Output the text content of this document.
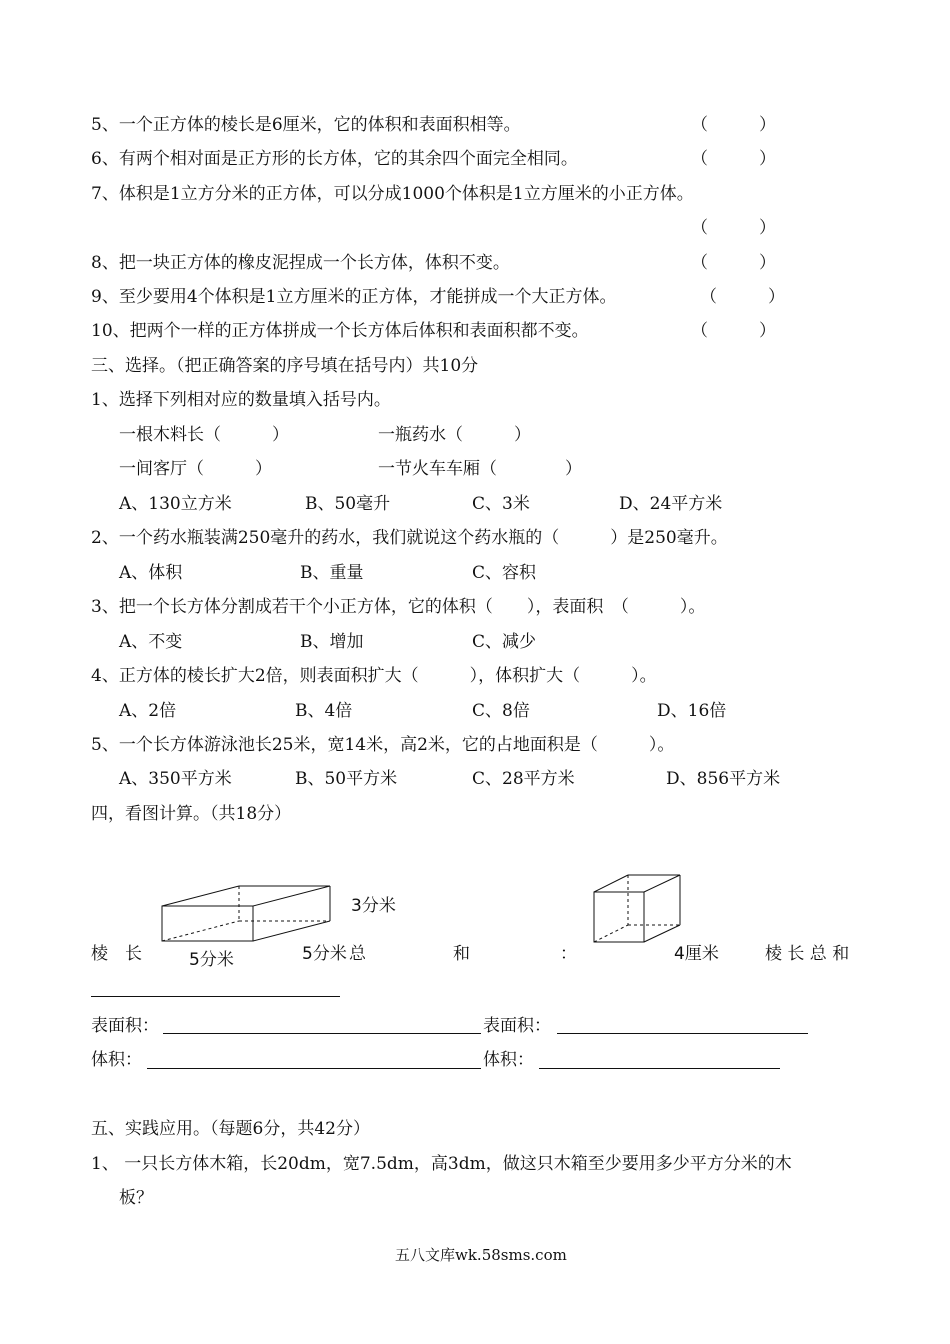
5、一个正方体的棱长是6厘米，它的体积和表面积相等。	（　　　）
6、有两个相对面是正方形的长方体，它的其余四个面完全相同。	（　　　）
7、体积是1立方分米的正方体，可以分成1000个体积是1立方厘米的小正方体。
（　　　）
8、把一块正方体的橡皮泥捏成一个长方体，体积不变。	（　　　）
9、至少要用4个体积是1立方厘米的正方体，才能拼成一个大正方体。	（　　　）
10、把两个一样的正方体拼成一个长方体后体积和表面积都不变。	（　　　）
三、选择。（把正确答案的序号填在括号内）共10分
1、选择下列相对应的数量填入括号内。
一根木料长（　　　）	一瓶药水（　　　）
一间客厅（　　　）	一节火车车厢（　　　　）
A、130立方米	B、50毫升	C、3米	D、24平方米
2、一个药水瓶装满250毫升的药水，我们就说这个药水瓶的（　　　）是250毫升。
A、体积	B、重量	C、容积
3、把一个长方体分割成若干个小正方体，它的体积（　　），表面积　（　　　）。
A、不变	B、增加	C、减少
4、正方体的棱长扩大2倍，则表面积扩大（　　　），体积扩大（　　　）。
A、2倍	B、4倍	C、8倍	D、16倍
5、一个长方体游泳池长25米，宽14米，高2米，它的占地面积是（　　　）。
A、350平方米	B、50平方米	C、28平方米	D、856平方米
四，看图计算。（共18分）
3分米
5分米	5分米	4厘米
棱　长	总	和	：	棱 长 总 和
表面积：	表面积：
体积：	体积：
五、实践应用。（每题6分，共42分）
1、 一只长方体木箱，长20dm，宽7.5dm，高3dm，做这只木箱至少要用多少平方分米的木
板？
五八文库wk.58sms.com
